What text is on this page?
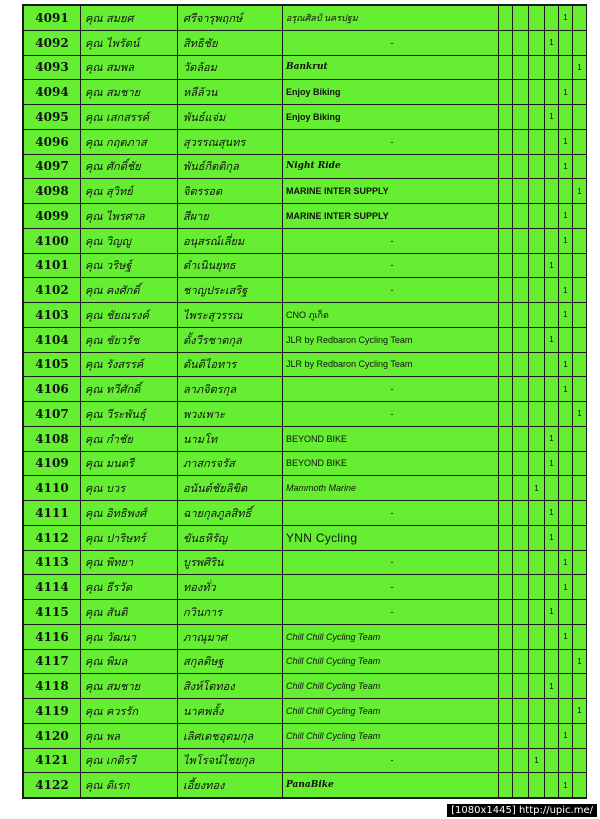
4091	คุณ สมยศ	ศรีจารุพฤกษ์	อรุณศิลป์ นครปฐม					1	
4092	คุณ ไพรัตน์	สิทธิชัย	-				1		
4093	คุณ สมพล	วัดล้อม	Bankrut						1
4094	คุณ สมชาย	หลีล้วน	Enjoy Biking					1	
4095	คุณ เสกสรรค์	พันธ์แจ่ม	Enjoy Biking				1		
4096	คุณ กฤตภาส	สุวรรณสุนทร	-					1	
4097	คุณ ศักดิ์ชัย	พันธ์กิตติกุล	Night Ride					1	
4098	คุณ สุวิทย์	จิตรรอด	MARINE INTER SUPPLY						1
4099	คุณ ไพรศาล	สีผาย	MARINE INTER SUPPLY					1	
4100	คุณ วิญญู	อนุสรณ์เลี่ยม	-					1	
4101	คุณ วริษฐ์	ดำเนินยุทธ	-				1		
4102	คุณ คงศักดิ์	ชาญประเสริฐ	-					1	
4103	คุณ ชัยณรงค์	ไพระสุวรรณ	CNO ภูเก็ต					1	
4104	คุณ ชัยวรัช	ตั้งวีรชาตกุล	JLR by Redbaron Cycling Team				1		
4105	คุณ รังสรรค์	ตันติไอทาร	JLR by Redbaron Cycling Team					1	
4106	คุณ ทวีศักดิ์	ลาภจิตรกุล	-					1	
4107	คุณ วีระพันธุ์	พวงเพาะ	-						1
4108	คุณ กำชัย	นามโท	BEYOND BIKE				1		
4109	คุณ มนตรี	ภาสกรจรัส	BEYOND BIKE				1		
4110	คุณ บวร	อนันต์ชัยลิขิต	Mammoth Marine			1			
4111	คุณ อิทธิพงศ์	ฉายกุลภูลสิทธิ์	-				1		
4112	คุณ ปาริษทร์	ขันธหิรัญ	YNN Cycling				1		
4113	คุณ พิทยา	บูรพศิริน	-					1	
4114	คุณ ธีรวัต	ทองทั่ว	-					1	
4115	คุณ สันติ	กวินการ	-				1		
4116	คุณ วัฒนา	ภาณุมาศ	Chill Chill Cycling Team					1	
4117	คุณ พิมล	สกุลดิษฐ	Chill Chill Cycling Team						1
4118	คุณ สมชาย	สิงห์โตทอง	Chill Chill Cycling Team				1		
4119	คุณ ควรรัก	นาคพลั้ง	Chill Chill Cycling Team						1
4120	คุณ พล	เลิศเดชอุดมกุล	Chill Chill Cycling Team					1	
4121	คุณ เกติรวี	ไพโรจน์ไชยกุล	-			1			
4122	คุณ ดิเรก	เอี้ยงทอง	PanaBike					1	
[1080x1445] http://upic.me/
